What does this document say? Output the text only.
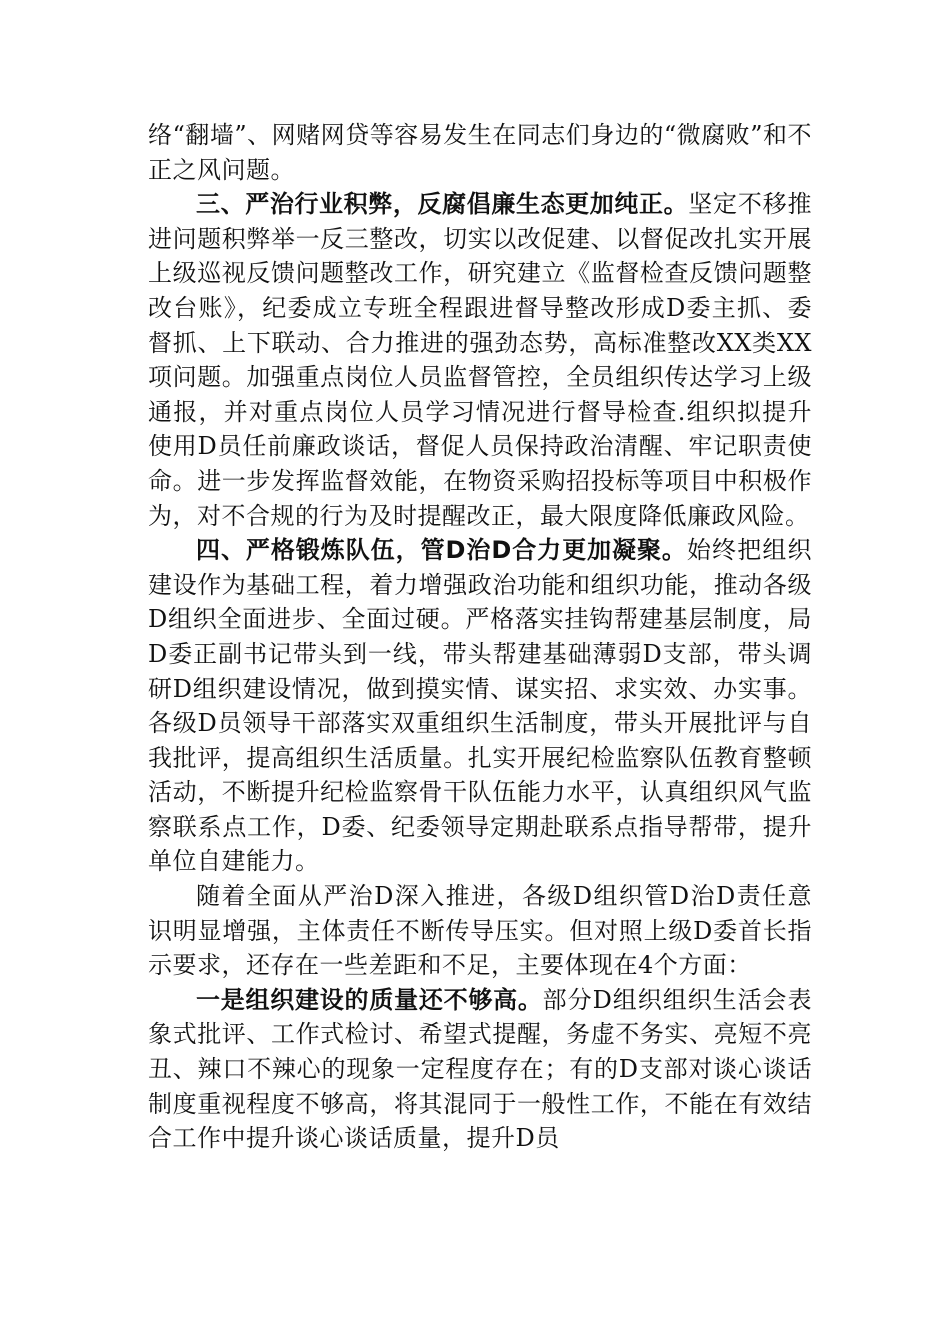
络“翻墙”、网赌网贷等容易发生在同志们身边的“微腐败”和不正之风问题。

三、严治行业积弊，反腐倡廉生态更加纯正。坚定不移推进问题积弊举一反三整改，切实以改促建、以督促改扎实开展上级巡视反馈问题整改工作，研究建立《监督检查反馈问题整改台账》，纪委成立专班全程跟进督导整改形成D委主抓、委督抓、上下联动、合力推进的强劲态势，高标准整改XX类XX项问题。加强重点岗位人员监督管控，全员组织传达学习上级通报，并对重点岗位人员学习情况进行督导检查.组织拟提升使用D员任前廉政谈话，督促人员保持政治清醒、牢记职责使命。进一步发挥监督效能，在物资采购招投标等项目中积极作为，对不合规的行为及时提醒改正，最大限度降低廉政风险。

四、严格锻炼队伍，管D治D合力更加凝聚。始终把组织建设作为基础工程，着力增强政治功能和组织功能，推动各级D组织全面进步、全面过硬。严格落实挂钩帮建基层制度，局D委正副书记带头到一线，带头帮建基础薄弱D支部，带头调研D组织建设情况，做到摸实情、谋实招、求实效、办实事。各级D员领导干部落实双重组织生活制度，带头开展批评与自我批评，提高组织生活质量。扎实开展纪检监察队伍教育整顿活动，不断提升纪检监察骨干队伍能力水平，认真组织风气监察联系点工作，D委、纪委领导定期赴联系点指导帮带，提升单位自建能力。

随着全面从严治D深入推进，各级D组织管D治D责任意识明显增强，主体责任不断传导压实。但对照上级D委首长指示要求，还存在一些差距和不足，主要体现在4个方面：

一是组织建设的质量还不够高。部分D组织组织生活会表象式批评、工作式检讨、希望式提醒，务虚不务实、亮短不亮丑、辣口不辣心的现象一定程度存在；有的D支部对谈心谈话制度重视程度不够高，将其混同于一般性工作，不能在有效结合工作中提升谈心谈话质量，提升D员
